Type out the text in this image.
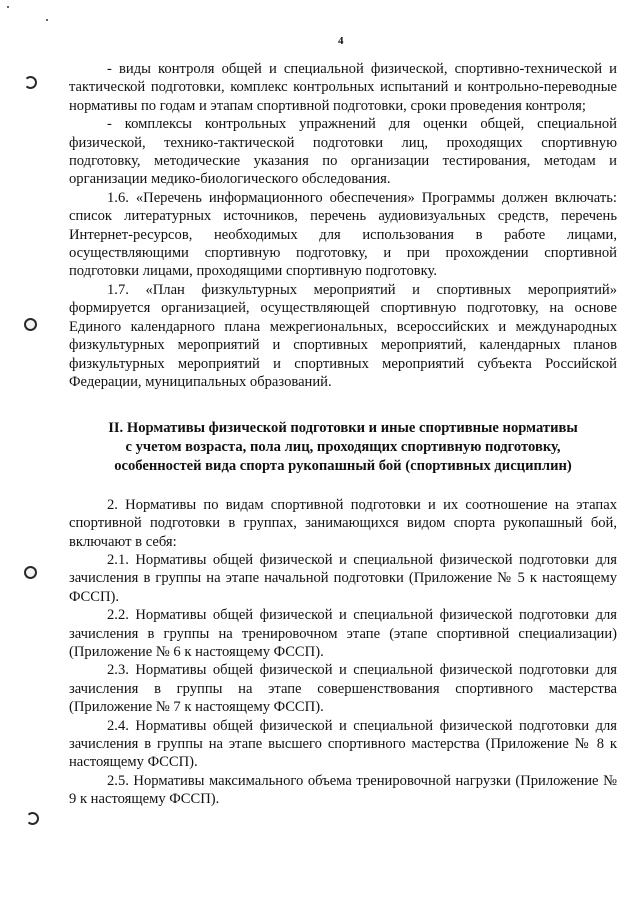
4

- виды контроля общей и специальной физической, спортивно-технической и тактической подготовки, комплекс контрольных испытаний и контрольно-переводные нормативы по годам и этапам спортивной подготовки, сроки проведения контроля;

- комплексы контрольных упражнений для оценки общей, специальной физической, технико-тактической подготовки лиц, проходящих спортивную подготовку, методические указания по организации тестирования, методам и организации медико-биологического обследования.

1.6. «Перечень информационного обеспечения» Программы должен включать: список литературных источников, перечень аудиовизуальных средств, перечень Интернет-ресурсов, необходимых для использования в работе лицами, осуществляющими спортивную подготовку, и при прохождении спортивной подготовки лицами, проходящими спортивную подготовку.

1.7. «План физкультурных мероприятий и спортивных мероприятий» формируется организацией, осуществляющей спортивную подготовку, на основе Единого календарного плана межрегиональных, всероссийских и международных физкультурных мероприятий и спортивных мероприятий, календарных планов физкультурных мероприятий и спортивных мероприятий субъекта Российской Федерации, муниципальных образований.

II. Нормативы физической подготовки и иные спортивные нормативы
с учетом возраста, пола лиц, проходящих спортивную подготовку,
особенностей вида спорта рукопашный бой (спортивных дисциплин)

2. Нормативы по видам спортивной подготовки и их соотношение на этапах спортивной подготовки в группах, занимающихся видом спорта рукопашный бой, включают в себя:

2.1. Нормативы общей физической и специальной физической подготовки для зачисления в группы на этапе начальной подготовки (Приложение № 5 к настоящему ФССП).

2.2. Нормативы общей физической и специальной физической подготовки для зачисления в группы на тренировочном этапе (этапе спортивной специализации) (Приложение № 6 к настоящему ФССП).

2.3. Нормативы общей физической и специальной физической подготовки для зачисления в группы на этапе совершенствования спортивного мастерства (Приложение № 7 к настоящему ФССП).

2.4. Нормативы общей физической и специальной физической подготовки для зачисления в группы на этапе высшего спортивного мастерства (Приложение № 8 к настоящему ФССП).

2.5. Нормативы максимального объема тренировочной нагрузки (Приложение № 9 к настоящему ФССП).
